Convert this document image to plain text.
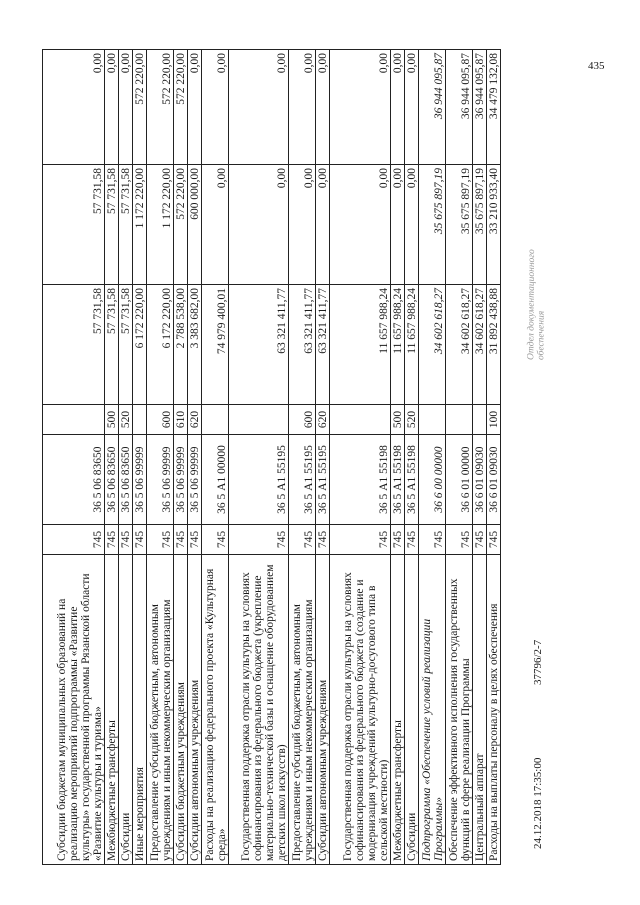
435
Субсидии бюджетам муниципальных образований на реализацию мероприятий подпрограммы «Развитие культуры» государственной программы Рязанской области «Развитие культуры и туризма»	745	36 5 06 83650		57 731,58	57 731,58	0,00
Межбюджетные трансферты	745	36 5 06 83650	500	57 731,58	57 731,58	0,00
Субсидии	745	36 5 06 83650	520	57 731,58	57 731,58	0,00
Иные мероприятия	745	36 5 06 99999		6 172 220,00	1 172 220,00	572 220,00
Предоставление субсидий бюджетным, автономным учреждениям и иным некоммерческим организациям	745	36 5 06 99999	600	6 172 220,00	1 172 220,00	572 220,00
Субсидии бюджетным учреждениям	745	36 5 06 99999	610	2 788 538,00	572 220,00	572 220,00
Субсидии автономным учреждениям	745	36 5 06 99999	620	3 383 682,00	600 000,00	0,00
Расходы на реализацию федерального проекта «Культурная среда»	745	36 5 А1 00000		74 979 400,01	0,00	0,00
Государственная поддержка отрасли культуры на условиях софинансирования из федерального бюджета (укрепление материально-технической базы и оснащение оборудованием детских школ искусств)	745	36 5 А1 55195		63 321 411,77	0,00	0,00
Предоставление субсидий бюджетным, автономным учреждениям и иным некоммерческим организациям	745	36 5 А1 55195	600	63 321 411,77	0,00	0,00
Субсидии автономным учреждениям	745	36 5 А1 55195	620	63 321 411,77	0,00	0,00
Государственная поддержка отрасли культуры на условиях софинансирования из федерального бюджета (создание и модернизация учреждений культурно-досугового типа в сельской местности)	745	36 5 А1 55198		11 657 988,24	0,00	0,00
Межбюджетные трансферты	745	36 5 А1 55198	500	11 657 988,24	0,00	0,00
Субсидии	745	36 5 А1 55198	520	11 657 988,24	0,00	0,00
Подпрограмма «Обеспечение условий реализации Программы»	745	36 6 00 00000		34 602 618,27	35 675 897,19	36 944 095,87
Обеспечение эффективного исполнения государственных функций в сфере реализации Программы	745	36 6 01 00000		34 602 618,27	35 675 897,19	36 944 095,87
Центральный аппарат	745	36 6 01 09030		34 602 618,27	35 675 897,19	36 944 095,87
Расходы на выплаты персоналу в целях обеспечения	745	36 6 01 09030	100	31 892 438,88	33 210 933,40	34 479 132,08
24.12.2018 17:35:00
37796/2-7
Отдел документационного обеспечения
